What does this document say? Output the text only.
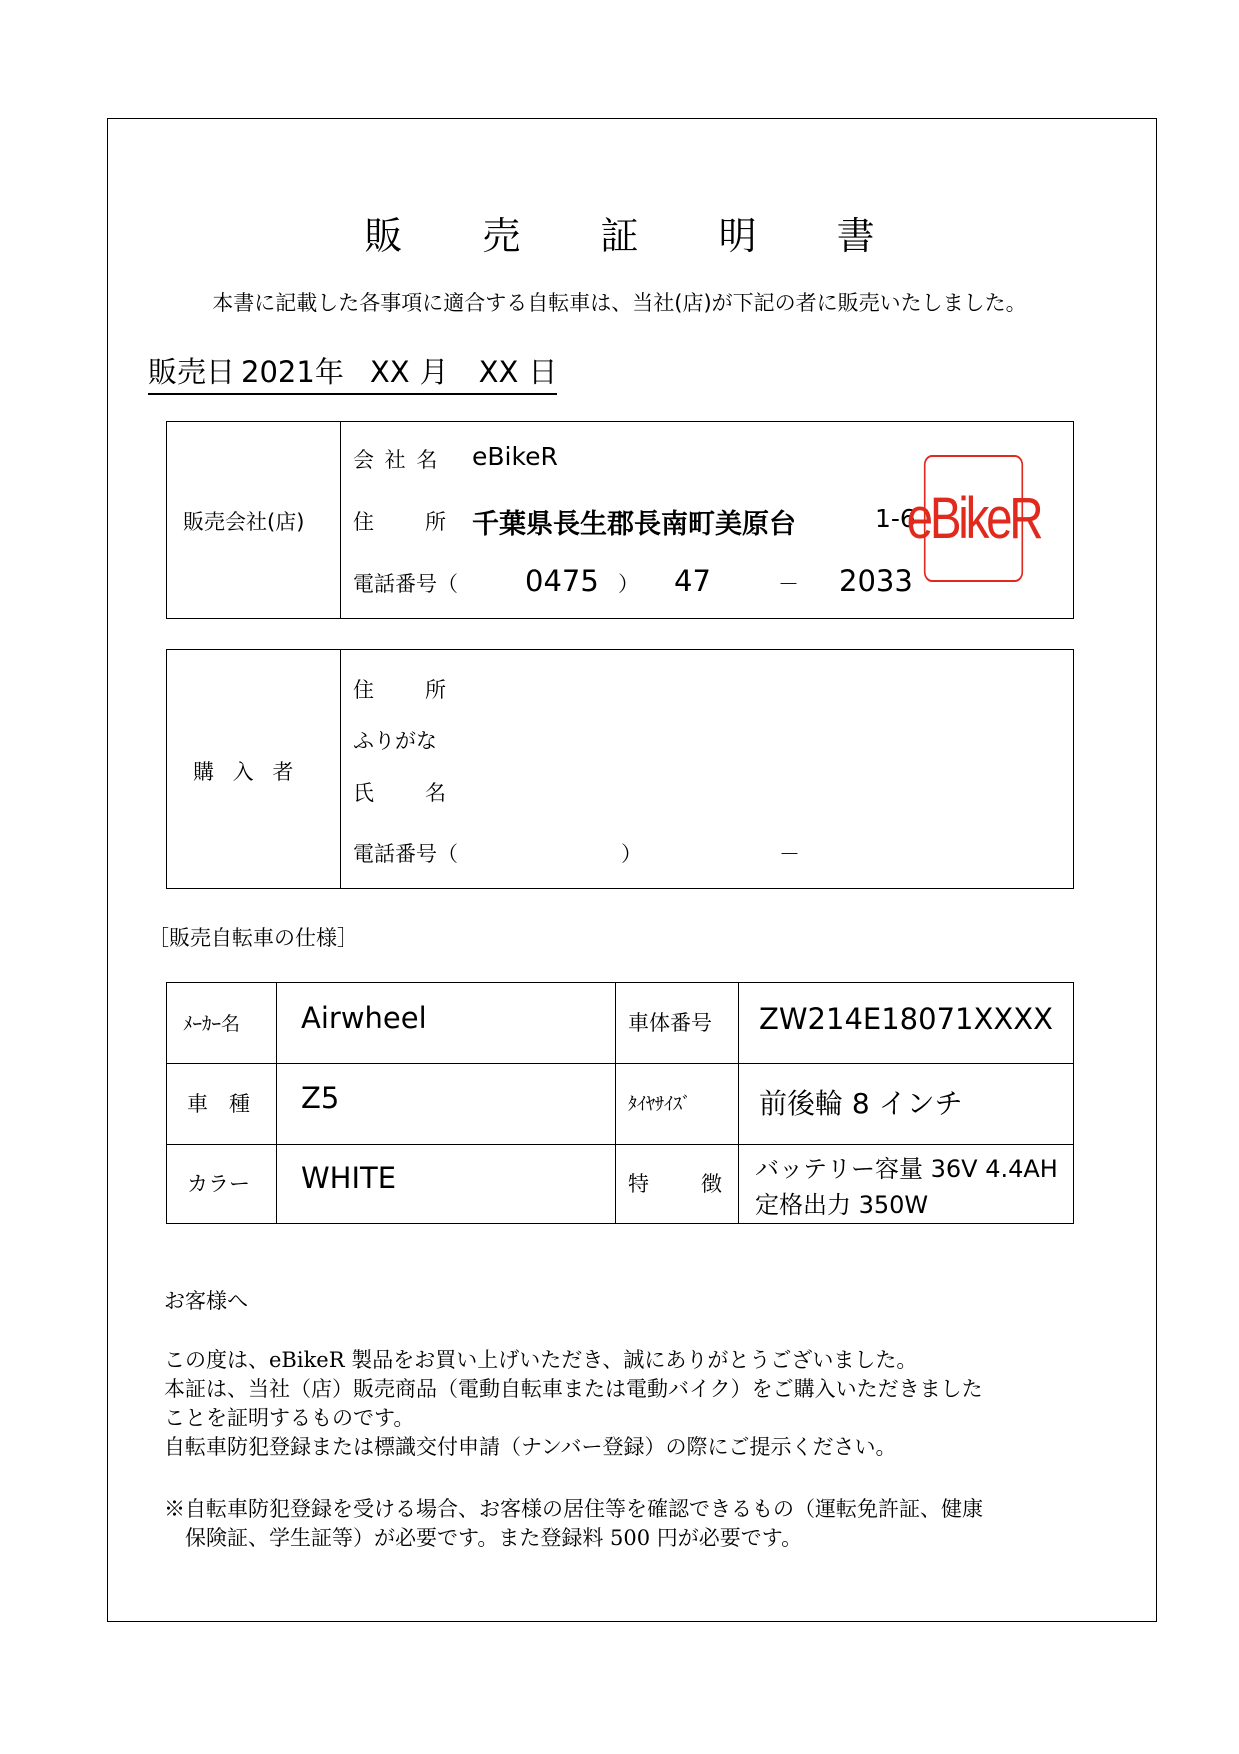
販 売 証 明 書
本書に記載した各事項に適合する自転車は、当社(店)が下記の者に販売いたしました。
販売日 2021 年 XX 月 XX 日
販売会社(店)
会 社 名 eBikeR
住 所 千葉県長生郡長南町美原台	1-6
電話番号（ 0475 ） 47	－ 2033
eBikeR
購 入 者
住 所
ふりがな
氏 名
電話番号（	）	－
［販売自転車の仕様］
ﾒｰｶｰ名 Airwheel	車体番号 ZW214E18071XXXX
車　種 Z5	ﾀｲﾔｻｲｽﾞ 前後輪 8 インチ
カラー WHITE	特 徴
バッテリー容量 36V 4.4AH
定格出力 350W
お客様へ
この度は、eBikeR 製品をお買い上げいただき、誠にありがとうございました。
本証は、当社（店）販売商品（電動自転車または電動バイク）をご購入いただきました
ことを証明するものです。
自転車防犯登録または標識交付申請（ナンバー登録）の際にご提示ください。
※自転車防犯登録を受ける場合、お客様の居住等を確認できるもの（運転免許証、健康
　保険証、学生証等）が必要です。また登録料 500 円が必要です。
